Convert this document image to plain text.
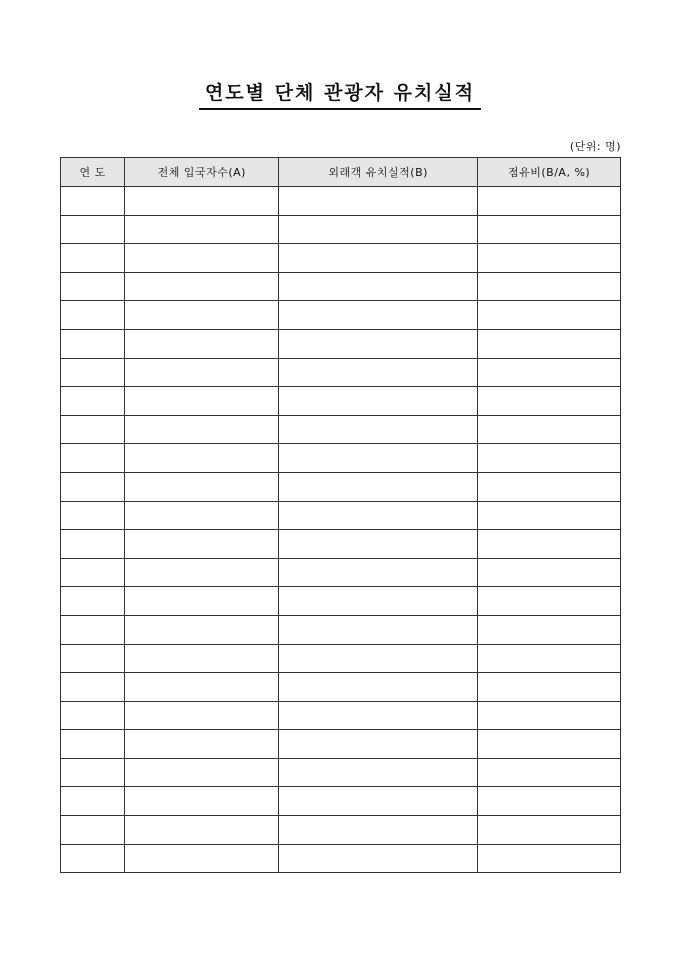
연도별 단체 관광자 유치실적
(단위: 명)
연 도	전체 입국자수(A)	외래객 유치실적(B)	점유비(B/A, %)
